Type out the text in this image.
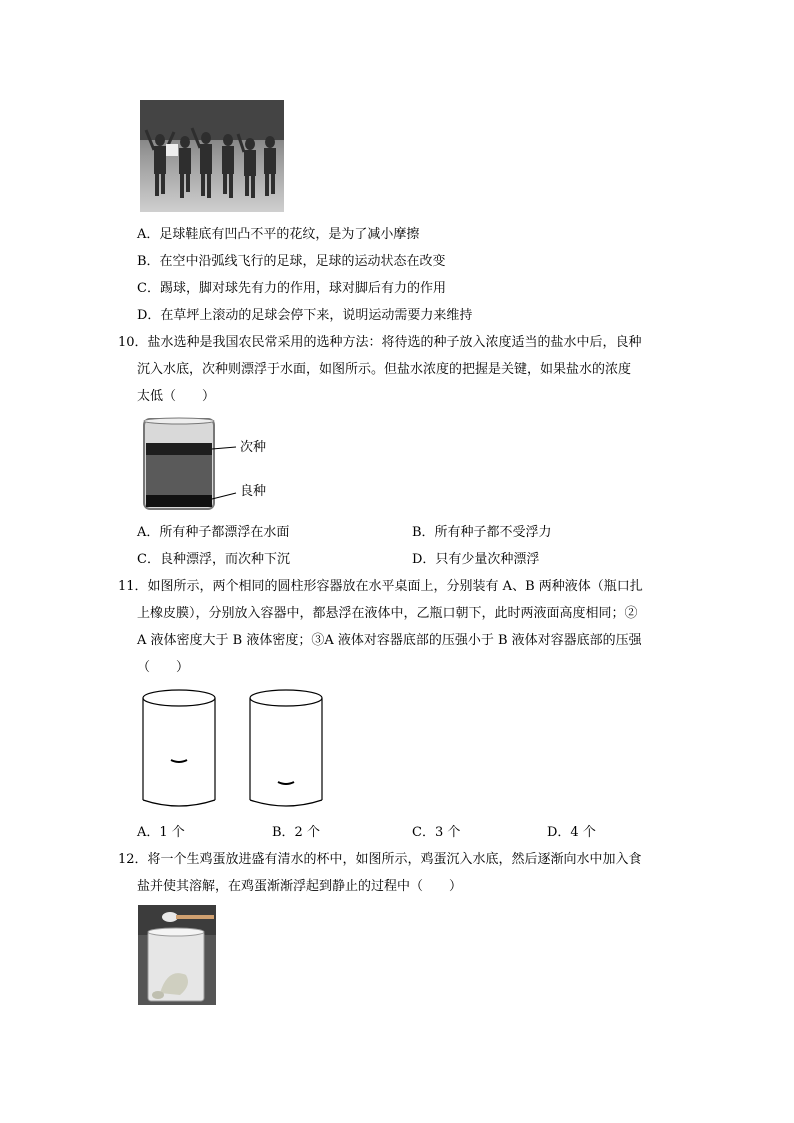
A．足球鞋底有凹凸不平的花纹，是为了减小摩擦
B．在空中沿弧线飞行的足球，足球的运动状态在改变
C．踢球，脚对球先有力的作用，球对脚后有力的作用
D．在草坪上滚动的足球会停下来，说明运动需要力来维持
10．盐水选种是我国农民常采用的选种方法：将待选的种子放入浓度适当的盐水中后，良种
沉入水底，次种则漂浮于水面，如图所示。但盐水浓度的把握是关键，如果盐水的浓度
太低（　　）
次种
良种
A．所有种子都漂浮在水面	B．所有种子都不受浮力
C．良种漂浮，而次种下沉	D．只有少量次种漂浮
11．如图所示，两个相同的圆柱形容器放在水平桌面上，分别装有 A、B 两种液体（瓶口扎
上橡皮膜），分别放入容器中，都悬浮在液体中，乙瓶口朝下，此时两液面高度相同；②
A 液体密度大于 B 液体密度；③A 液体对容器底部的压强小于 B 液体对容器底部的压强
（　　）
A．1 个	B．2 个	C．3 个	D．4 个
12．将一个生鸡蛋放进盛有清水的杯中，如图所示，鸡蛋沉入水底，然后逐渐向水中加入食
盐并使其溶解，在鸡蛋渐渐浮起到静止的过程中（　　）
